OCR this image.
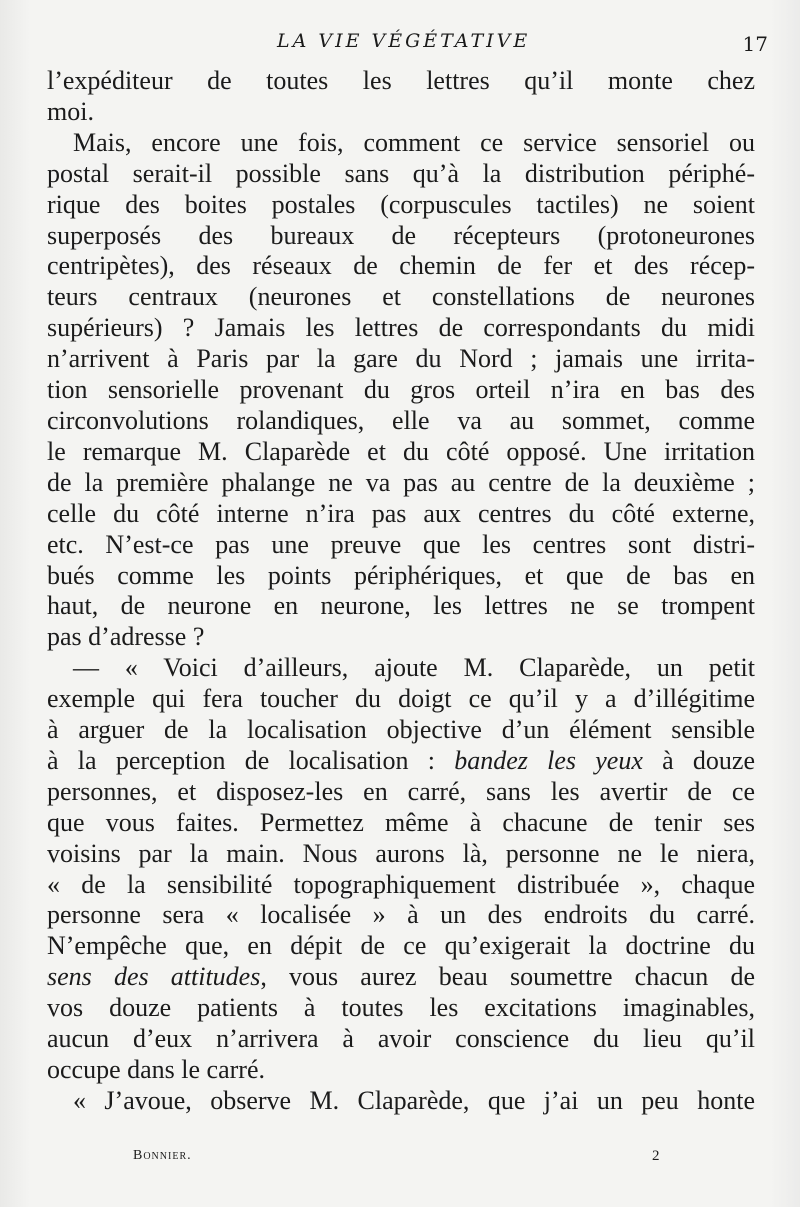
LA VIE VÉGÉTATIVE	17
l’expéditeur de toutes les lettres qu’il monte chez
moi.
Mais, encore une fois, comment ce service sensoriel ou
postal serait-il possible sans qu’à la distribution périphé-
rique des boites postales (corpuscules tactiles) ne soient
superposés des bureaux de récepteurs (protoneurones
centripètes), des réseaux de chemin de fer et des récep-
teurs centraux (neurones et constellations de neurones
supérieurs) ? Jamais les lettres de correspondants du midi
n’arrivent à Paris par la gare du Nord ; jamais une irrita-
tion sensorielle provenant du gros orteil n’ira en bas des
circonvolutions rolandiques, elle va au sommet, comme
le remarque M. Claparède et du côté opposé. Une irritation
de la première phalange ne va pas au centre de la deuxième ;
celle du côté interne n’ira pas aux centres du côté externe,
etc. N’est-ce pas une preuve que les centres sont distri-
bués comme les points périphériques, et que de bas en
haut, de neurone en neurone, les lettres ne se trompent
pas d’adresse ?
— « Voici d’ailleurs, ajoute M. Claparède, un petit
exemple qui fera toucher du doigt ce qu’il y a d’illégitime
à arguer de la localisation objective d’un élément sensible
à la perception de localisation : bandez les yeux à douze
personnes, et disposez-les en carré, sans les avertir de ce
que vous faites. Permettez même à chacune de tenir ses
voisins par la main. Nous aurons là, personne ne le niera,
« de la sensibilité topographiquement distribuée », chaque
personne sera « localisée » à un des endroits du carré.
N’empêche que, en dépit de ce qu’exigerait la doctrine du
sens des attitudes, vous aurez beau soumettre chacun de
vos douze patients à toutes les excitations imaginables,
aucun d’eux n’arrivera à avoir conscience du lieu qu’il
occupe dans le carré.
« J’avoue, observe M. Claparède, que j’ai un peu honte
Bonnier.	2
